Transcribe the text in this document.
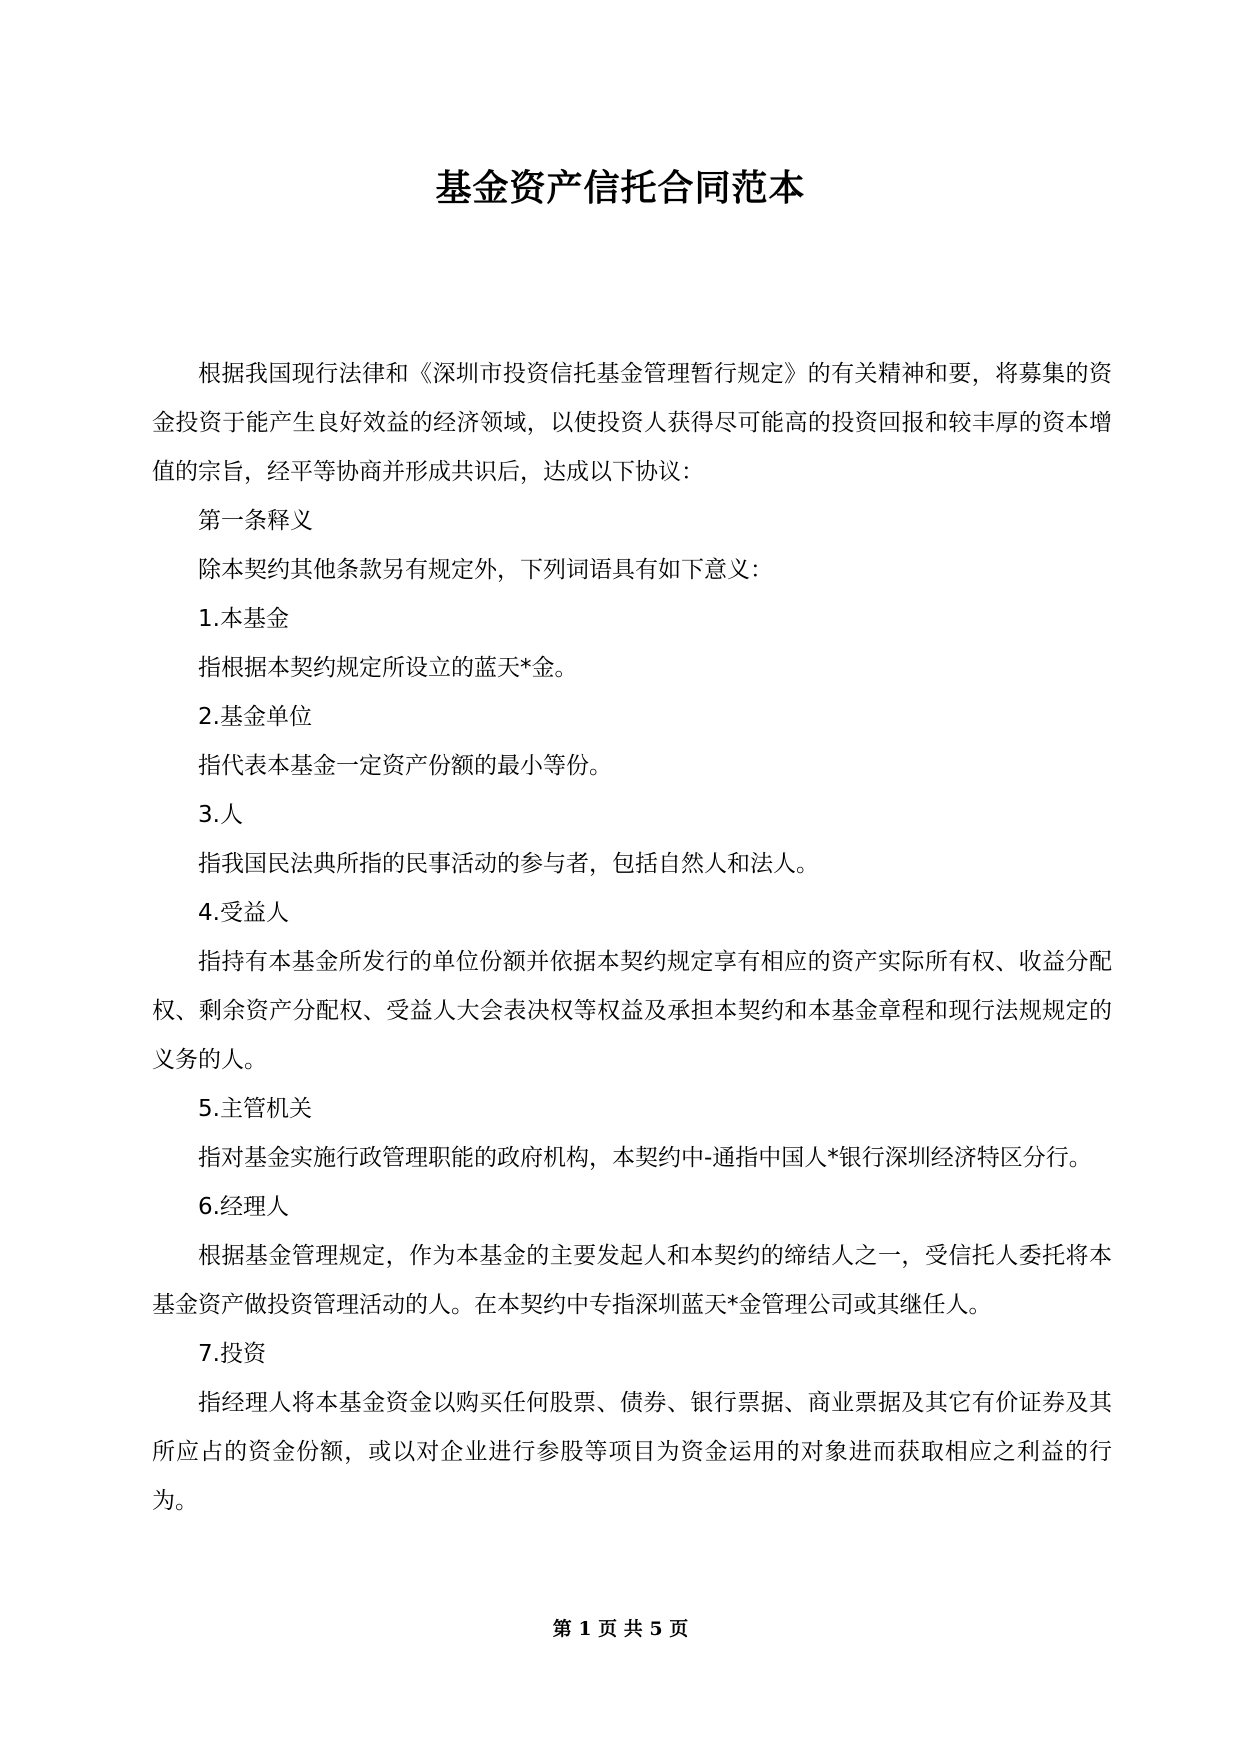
基金资产信托合同范本

根据我国现行法律和《深圳市投资信托基金管理暂行规定》的有关精神和要，将募集的资金投资于能产生良好效益的经济领域，以使投资人获得尽可能高的投资回报和较丰厚的资本增值的宗旨，经平等协商并形成共识后，达成以下协议：

第一条释义

除本契约其他条款另有规定外，下列词语具有如下意义：

1.本基金

指根据本契约规定所设立的蓝天*金。

2.基金单位

指代表本基金一定资产份额的最小等份。

3.人

指我国民法典所指的民事活动的参与者，包括自然人和法人。

4.受益人

指持有本基金所发行的单位份额并依据本契约规定享有相应的资产实际所有权、收益分配权、剩余资产分配权、受益人大会表决权等权益及承担本契约和本基金章程和现行法规规定的义务的人。

5.主管机关

指对基金实施行政管理职能的政府机构，本契约中-通指中国人*银行深圳经济特区分行。

6.经理人

根据基金管理规定，作为本基金的主要发起人和本契约的缔结人之一，受信托人委托将本基金资产做投资管理活动的人。在本契约中专指深圳蓝天*金管理公司或其继任人。

7.投资

指经理人将本基金资金以购买任何股票、债券、银行票据、商业票据及其它有价证券及其所应占的资金份额，或以对企业进行参股等项目为资金运用的对象进而获取相应之利益的行为。

第 1 页 共 5 页
